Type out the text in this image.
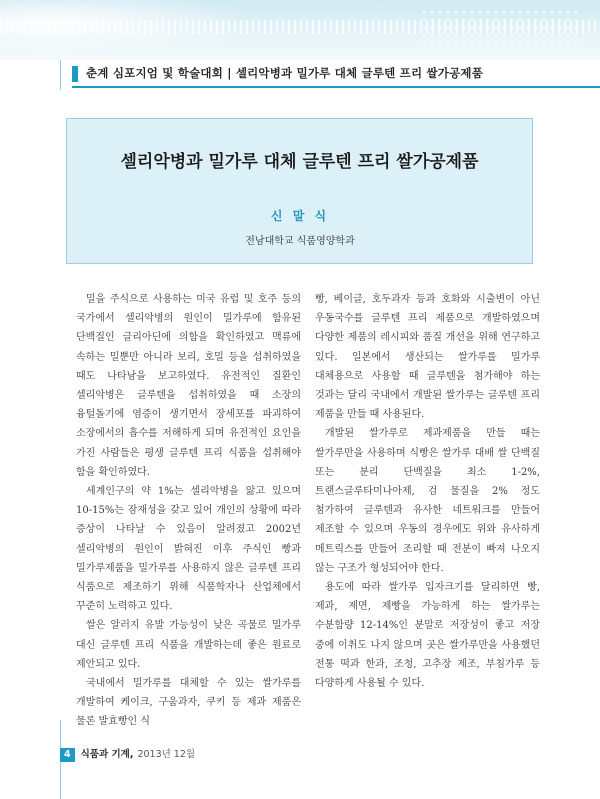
춘계 심포지엄 및 학술대회 | 셀리악병과 밀가루 대체 글루텐 프리 쌀가공제품
셀리악병과 밀가루 대체 글루텐 프리 쌀가공제품
신 말 식
전남대학교 식품영양학과

밀을 주식으로 사용하는 미국 유럽 및 호주 등의 국가에서 셀리악병의 원인이 밀가루에 함유된 단백질인 글리아딘에 의함을 확인하였고 맥류에 속하는 밀뿐만 아니라 보리, 호밀 등을 섭취하였을 때도 나타남을 보고하였다. 유전적인 질환인 셀리악병은 글루텐을 섭취하였을 때 소장의 융털돌기에 염증이 생기면서 장세포를 파괴하여 소장에서의 흡수를 저해하게 되며 유전적인 요인을 가진 사람들은 평생 글루텐 프리 식품을 섭취해야 함을 확인하였다.

세계인구의 약 1%는 셀리악병을 앓고 있으며 10-15%는 잠재성을 갖고 있어 개인의 상황에 따라 증상이 나타날 수 있음이 알려졌고 2002년 셀리악병의 원인이 밝혀진 이후 주식인 빵과 밀가루제품을 밀가루를 사용하지 않은 글루텐 프리 식품으로 제조하기 위해 식품학자나 산업체에서 꾸준히 노력하고 있다.

쌀은 알러지 유발 가능성이 낮은 곡물로 밀가루 대신 글루텐 프리 식품을 개발하는데 좋은 원료로 제안되고 있다.

국내에서 밀가루를 대체할 수 있는 쌀가루를 개발하여 케이크, 구움과자, 쿠키 등 제과 제품은 물론 발효빵인 식

빵, 베이글, 호두과자 등과 호화와 시출변이 아닌 우동국수를 글루텐 프리 제품으로 개발하였으며 다양한 제품의 레시피와 품질 개선을 위해 연구하고 있다. 일본에서 생산되는 쌀가루를 밀가루 대체용으로 사용할 때 글루텐을 첨가해야 하는 것과는 달리 국내에서 개발된 쌀가루는 글루텐 프리 제품을 만들 때 사용된다.

개발된 쌀가루로 제과제품을 만들 때는 쌀가루만을 사용하며 식빵은 쌀가루 대배 쌀 단백질 또는 분리 단백질을 최소 1-2%, 트랜스글루타미나아제, 검 물질을 2% 정도 첨가하여 글루텐과 유사한 네트워크를 만들어 제조할 수 있으며 우동의 경우에도 위와 유사하게 메트릭스를 만들어 조리할 때 전분이 빠져 나오지 않는 구조가 형성되어야 한다.

용도에 따라 쌀가루 입자크기를 달리하면 빵, 제과, 제면, 제빵을 가능하게 하는 쌀가루는 수분함량 12-14%인 분말로 저장성이 좋고 저장 중에 이취도 나지 않으며 곳은 쌀가루만을 사용했던 전통 떡과 한과, 조청, 고추장 제조, 부침가루 등 다양하게 사용될 수 있다.

4 식품과 기계, 2013년 12월
